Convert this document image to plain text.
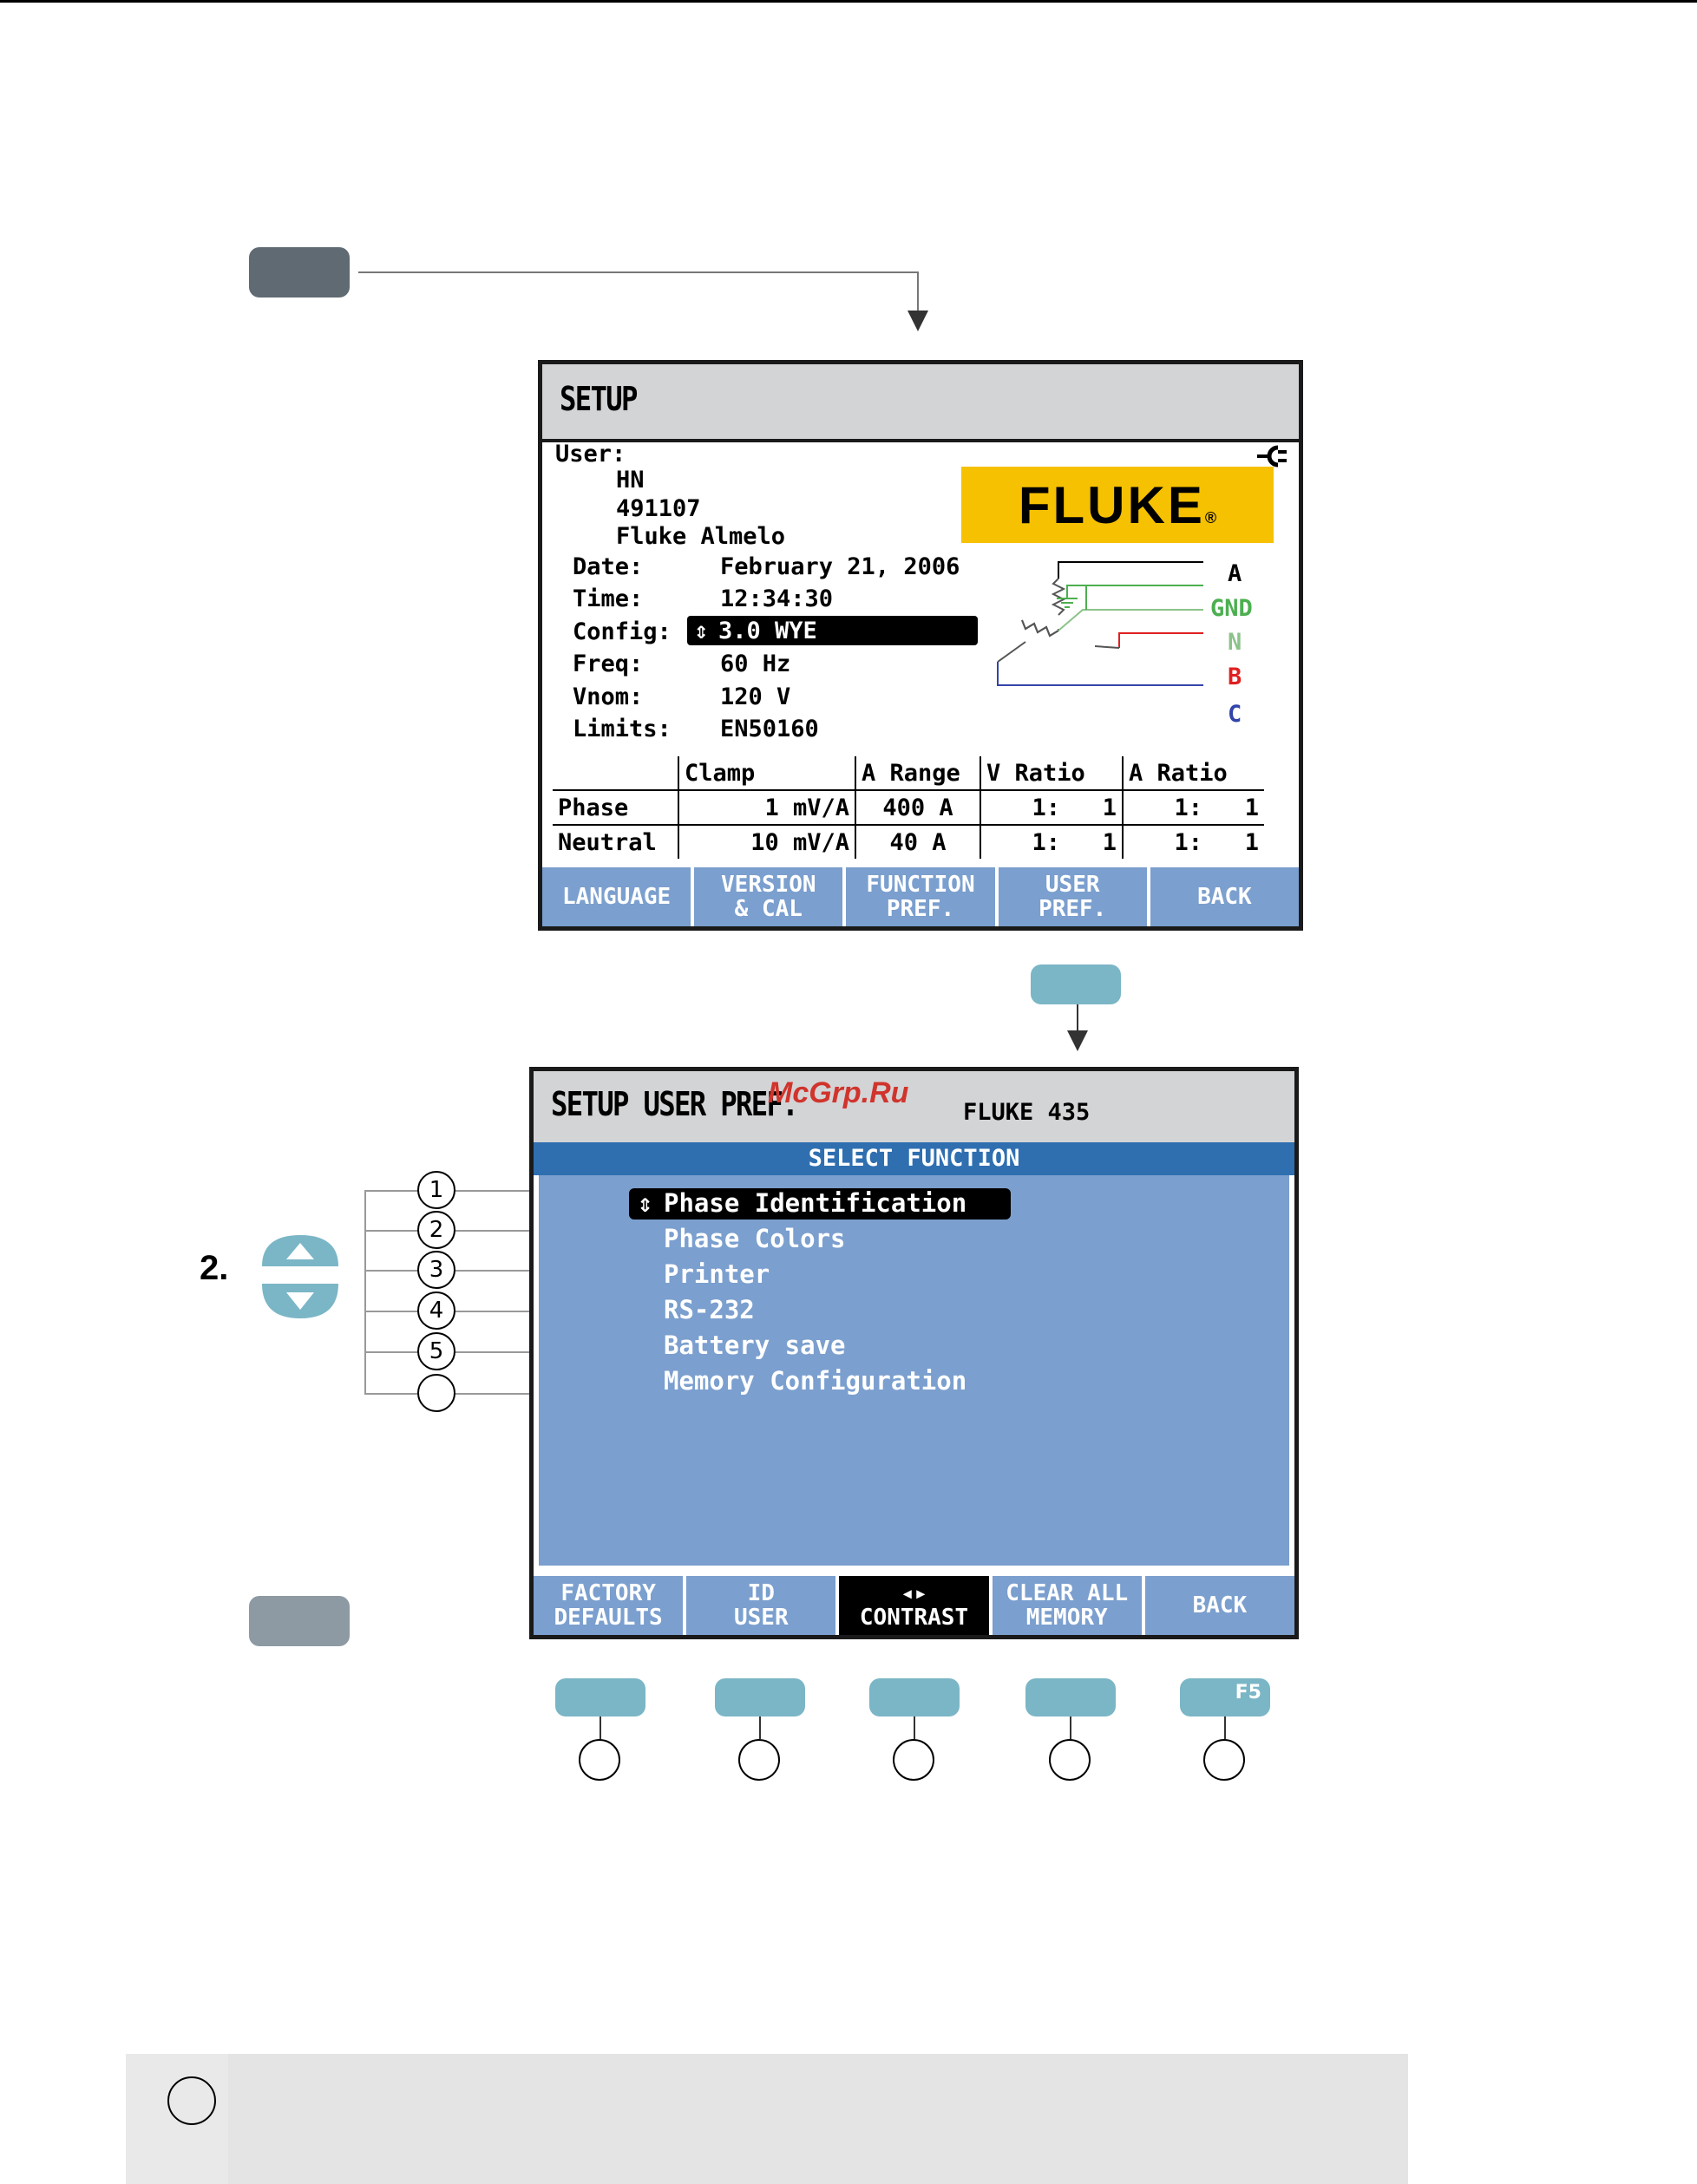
SETUP
User:
HN
491107
Fluke Almelo
FLUKE ®
Date:	February 21, 2006
Time:	12:34:30
Config: ⇕ 3.0 WYE
Freq:	60 Hz
Vnom:	120 V
Limits: EN50160
A
GND
N
B
C
	Clamp	A Range	V Ratio	A Ratio
Phase	1 mV/A	400 A	1:   1	1:   1
Neutral	10 mV/A	40 A	1:   1	1:   1
LANGUAGE VERSION
& CAL
FUNCTION
PREF.
USER
PREF.	BACK
SETUP USER PREF.	FLUKE 435
McGrp.Ru
SELECT FUNCTION
⇕ Phase Identification
Phase Colors
Printer
RS-232
Battery save
Memory Configuration
FACTORY
DEFAULTS
ID
USER
◂▸
CONTRAST
CLEAR ALL
MEMORY	BACK
2.
1
2
3
4
5
F5
